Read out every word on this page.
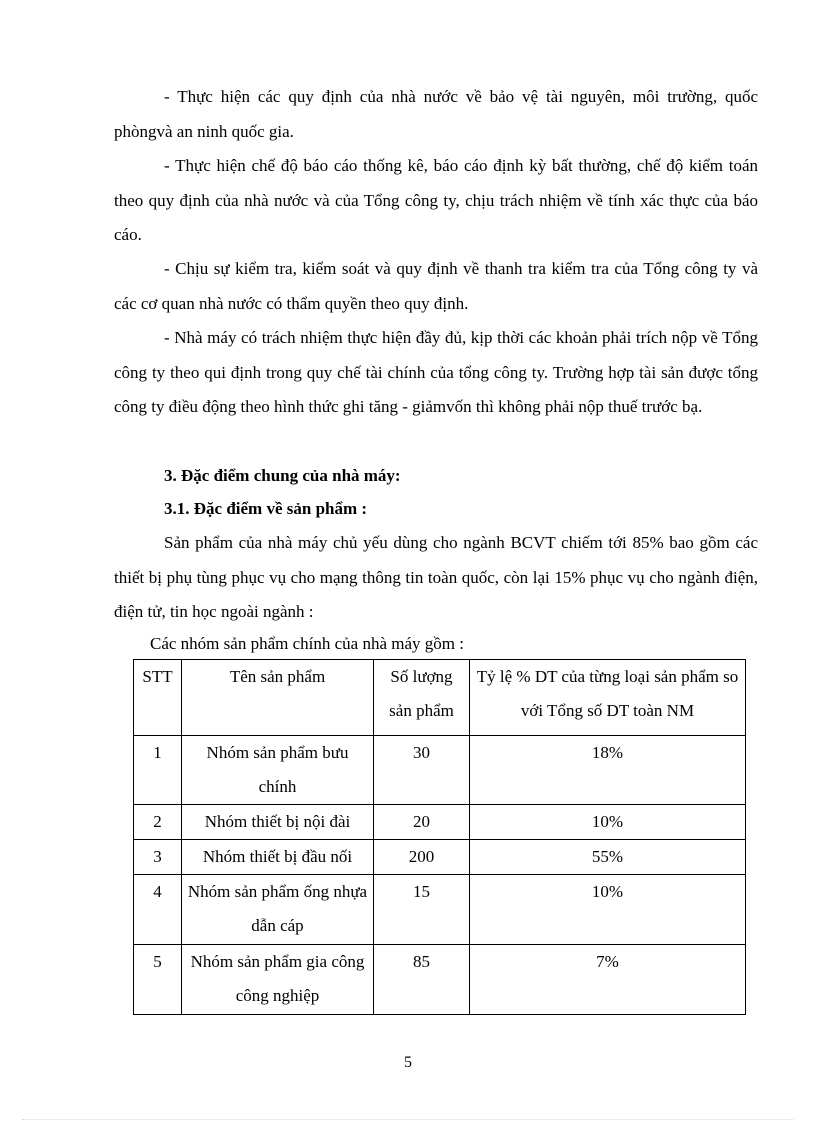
- Thực hiện các quy định của nhà nước về bảo vệ tài nguyên, môi trường, quốc phòngvà an ninh quốc gia.

- Thực hiện chế độ báo cáo thống kê, báo cáo định kỳ bất thường, chế độ kiểm toán theo quy định của nhà nước và của Tổng công ty, chịu trách nhiệm về tính xác thực của báo cáo.

- Chịu sự kiểm tra, kiểm soát và quy định về thanh tra kiểm tra của Tổng công ty và các cơ quan nhà nước có thẩm quyền theo quy định.

- Nhà máy có trách nhiệm thực hiện đầy đủ, kịp thời các khoản phải trích nộp về Tổng công ty theo qui định trong quy chế tài chính của tổng công ty. Trường hợp tài sản được tổng công ty điều động theo hình thức ghi tăng - giảmvốn thì không phải nộp thuế trước bạ.

3. Đặc điểm chung của nhà máy:

3.1. Đặc điểm về sản phẩm :

Sản phẩm của nhà máy chủ yếu dùng cho ngành BCVT chiếm tới 85% bao gồm các thiết bị phụ tùng phục vụ cho mạng thông tin toàn quốc, còn lại 15% phục vụ cho ngành điện, điện tử, tin học ngoài ngành :

Các nhóm sản phẩm chính của nhà máy gồm :

STT	Tên sản phẩm	Số lượng sản phẩm	Tỷ lệ % DT của từng loại sản phẩm so với Tổng số DT toàn NM
1	Nhóm sản phẩm bưu chính	30	18%
2	Nhóm thiết bị nội đài	20	10%
3	Nhóm thiết bị đầu nối	200	55%
4	Nhóm sản phẩm ống nhựa dẫn cáp	15	10%
5	Nhóm sản phẩm gia công công nghiệp	85	7%
5
